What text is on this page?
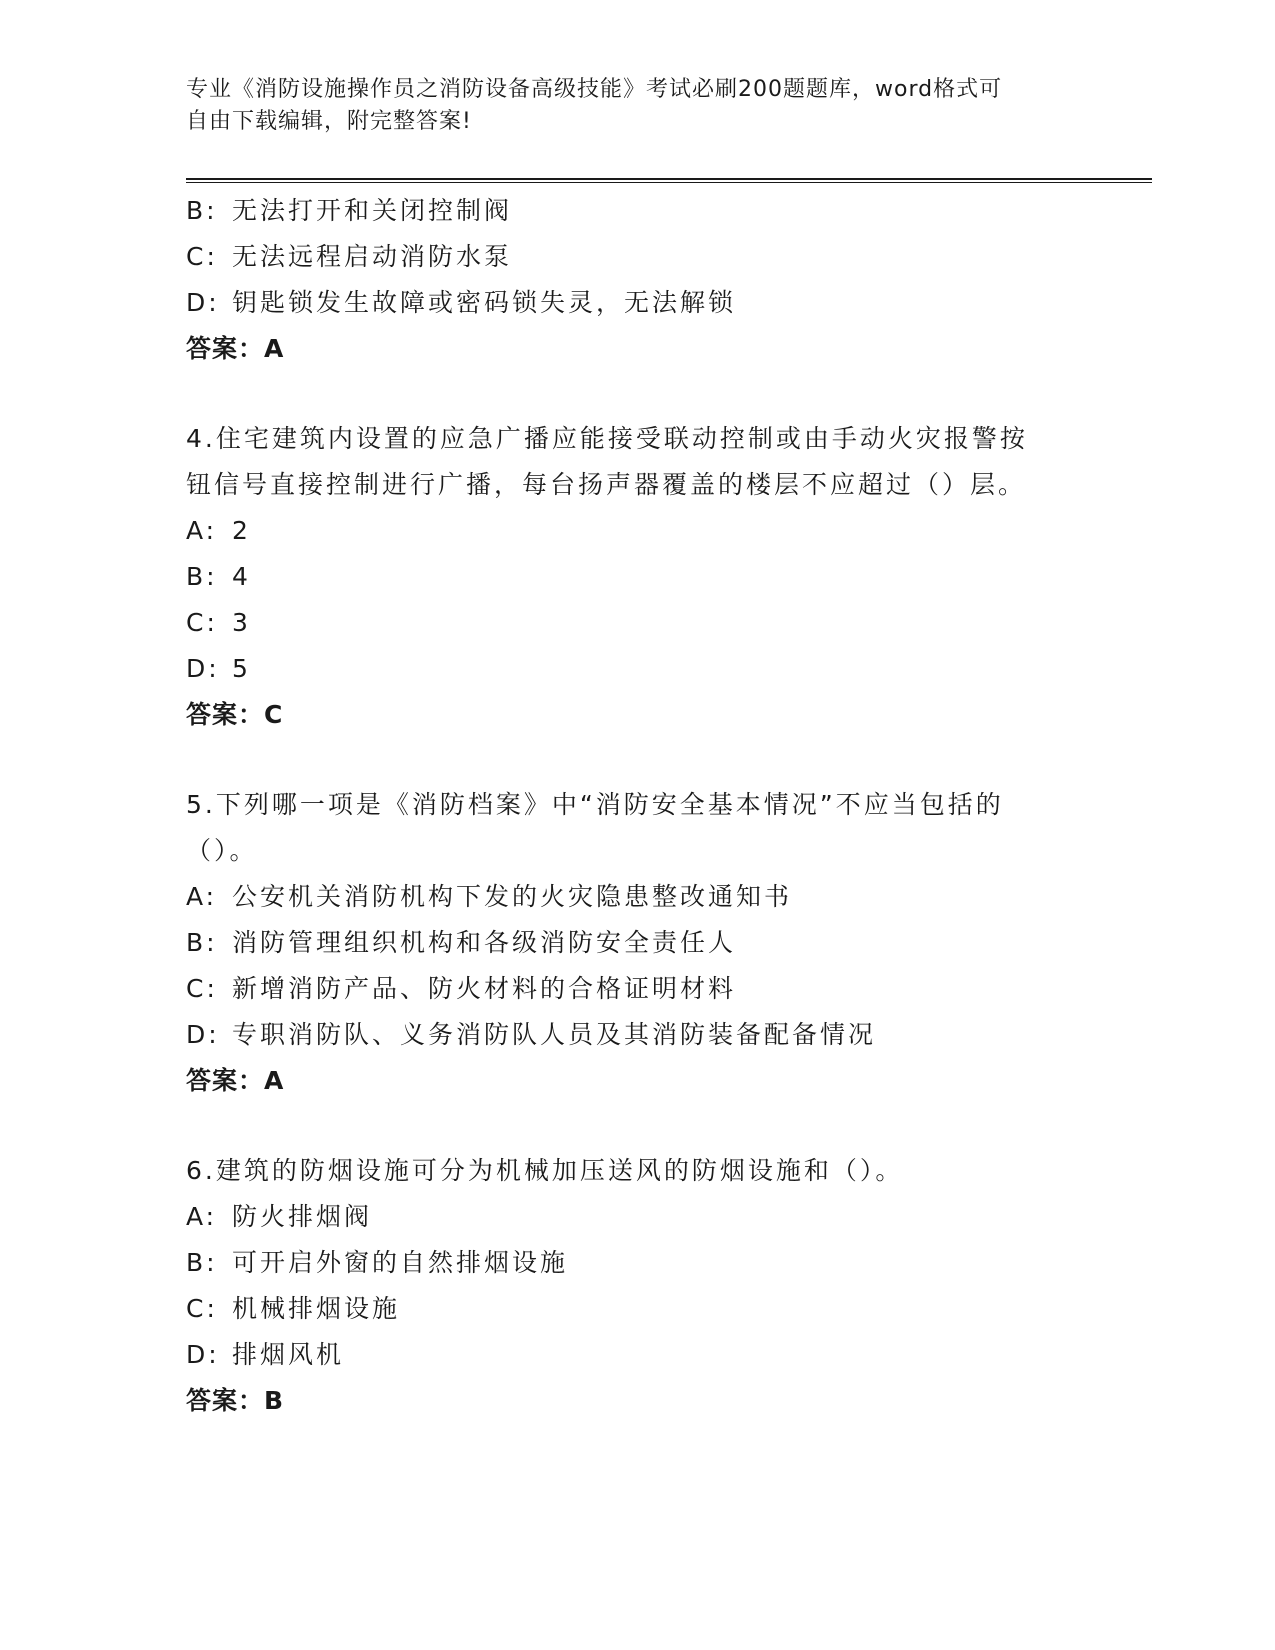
专业《消防设施操作员之消防设备高级技能》考试必刷200题题库，word格式可
自由下载编辑，附完整答案!
B: 无法打开和关闭控制阀
C: 无法远程启动消防水泵
D: 钥匙锁发生故障或密码锁失灵，无法解锁
答案：A
4.住宅建筑内设置的应急广播应能接受联动控制或由手动火灾报警按
钮信号直接控制进行广播，每台扬声器覆盖的楼层不应超过（）层。
A: 2
B: 4
C: 3
D: 5
答案：C
5.下列哪一项是《消防档案》中“消防安全基本情况”不应当包括的
（）。
A: 公安机关消防机构下发的火灾隐患整改通知书
B: 消防管理组织机构和各级消防安全责任人
C: 新增消防产品、防火材料的合格证明材料
D: 专职消防队、义务消防队人员及其消防装备配备情况
答案：A
6.建筑的防烟设施可分为机械加压送风的防烟设施和（）。
A: 防火排烟阀
B: 可开启外窗的自然排烟设施
C: 机械排烟设施
D: 排烟风机
答案：B
